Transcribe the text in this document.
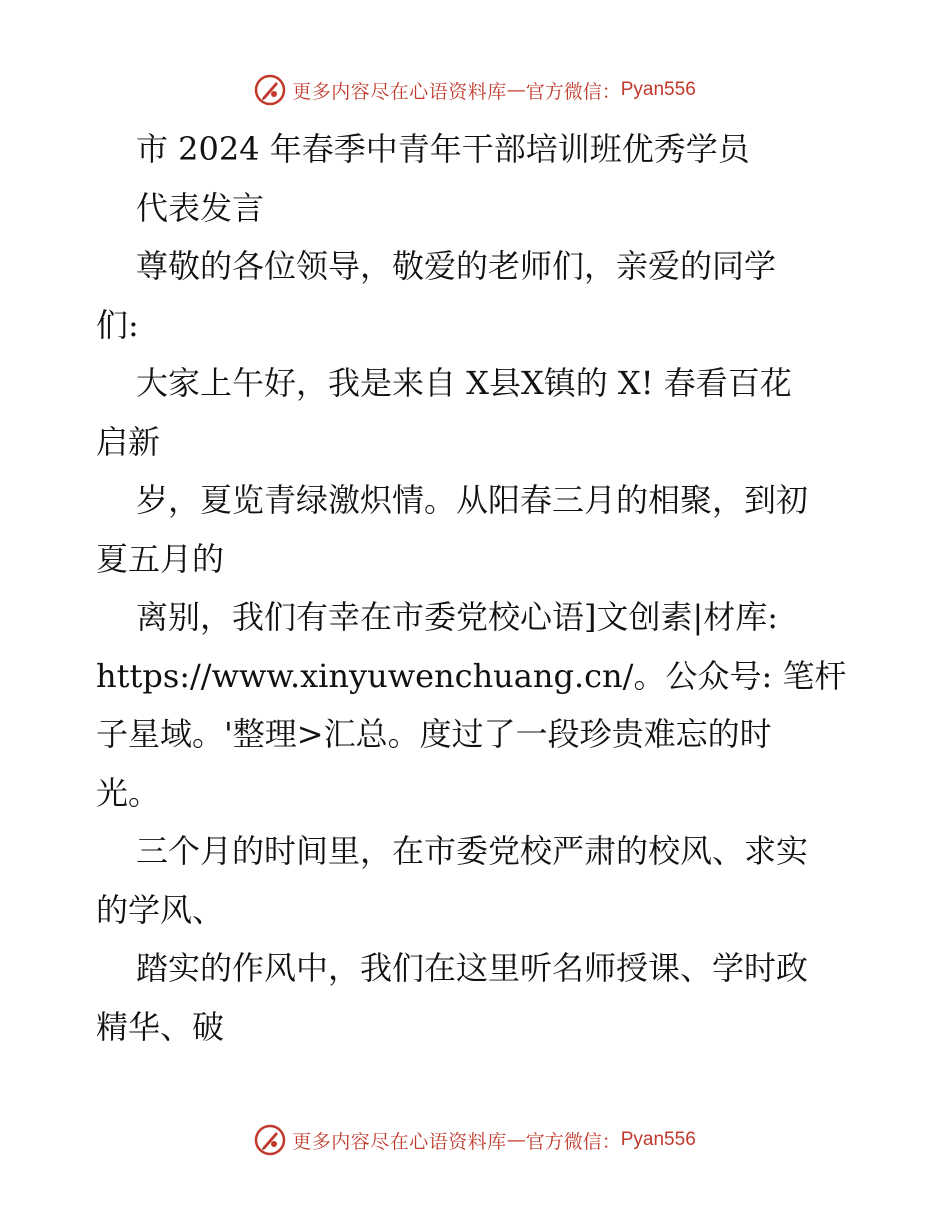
更多内容尽在心语资料库 — 官方微信： Pyan556
市 2024 年春季中青年干部培训班优秀学员
代表发言
尊敬的各位领导，敬爱的老师们，亲爱的同学
们:
大家上午好，我是来自 X县X镇的 X! 春看百花
启新
岁，夏览青绿激炽情。从阳春三月的相聚，到初
夏五月的
离别，我们有幸在市委党校心语]文创素|材库:
https://www.xinyuwenchuang.cn/。公众号: 笔杆
子星域。'整理>汇总。度过了一段珍贵难忘的时
光。
三个月的时间里，在市委党校严肃的校风、求实
的学风、
踏实的作风中，我们在这里听名师授课、学时政
精华、破
更多内容尽在心语资料库 — 官方微信： Pyan556
